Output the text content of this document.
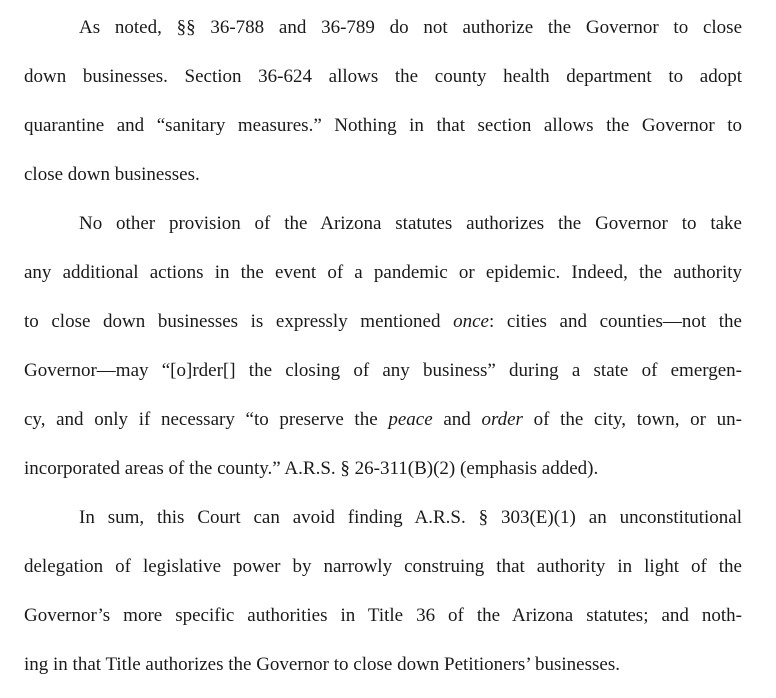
As noted, §§ 36-788 and 36-789 do not authorize the Governor to close
down businesses. Section 36-624 allows the county health department to adopt
quarantine and “sanitary measures.” Nothing in that section allows the Governor to
close down businesses.
No other provision of the Arizona statutes authorizes the Governor to take
any additional actions in the event of a pandemic or epidemic. Indeed, the authority
to close down businesses is expressly mentioned once: cities and counties—not the
Governor—may “[o]rder[] the closing of any business” during a state of emergen-
cy, and only if necessary “to preserve the peace and order of the city, town, or un-
incorporated areas of the county.” A.R.S. § 26-311(B)(2) (emphasis added).
In sum, this Court can avoid finding A.R.S. § 303(E)(1) an unconstitutional
delegation of legislative power by narrowly construing that authority in light of the
Governor’s more specific authorities in Title 36 of the Arizona statutes; and noth-
ing in that Title authorizes the Governor to close down Petitioners’ businesses.
